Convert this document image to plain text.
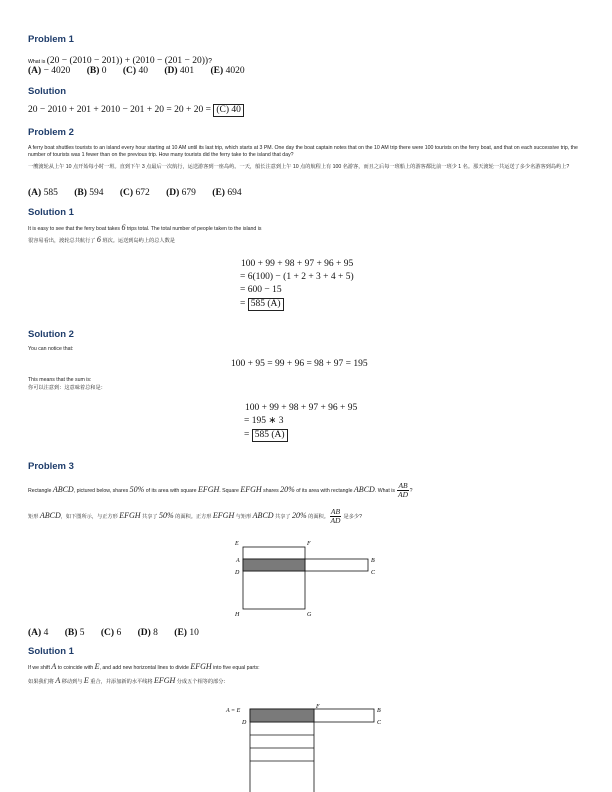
Problem 1
What is (20 − (2010 − 201)) + (2010 − (201 − 20))?
(A) − 4020 (B) 0 (C) 40 (D) 401 (E) 4020
Solution
20 − 2010 + 201 + 2010 − 201 + 20 = 20 + 20 = (C) 40
Problem 2
A ferry boat shuttles tourists to an island every hour starting at 10 AM until its last trip, which starts at 3 PM. One day the boat captain notes that on the 10 AM trip there were 100 tourists on the ferry boat, and that on each successive trip, the number of tourists was 1 fewer than on the previous trip. How many tourists did the ferry take to the island that day?
一艘渡轮从上午 10 点开始每小时一班。直到下午 3 点最后一次航行，运送游客到一座岛屿。一天，船长注意到上午 10 点的航程上有 100 名游客，而且之后每一班船上的游客都比前一班少 1 名。那天渡轮一共运送了多少名游客到岛屿上?
(A) 585 (B) 594 (C) 672 (D) 679 (E) 694
Solution 1
It is easy to see that the ferry boat takes 6 trips total. The total number of people taken to the island is
很容易看出，渡轮总共航行了 6 班次。运送到岛屿上的总人数是
100 + 99 + 98 + 97 + 96 + 95
= 6(100) − (1 + 2 + 3 + 4 + 5)
= 600 − 15
= 585 (A)
Solution 2
You can notice that:
100 + 95 = 99 + 96 = 98 + 97 = 195
This means that the sum is:
你可以注意到：这意味着总和是：
100 + 99 + 98 + 97 + 96 + 95
= 195 ∗ 3
= 585 (A)
Problem 3
Rectangle ABCD, pictured below, shares 50% of its area with square EFGH. Square EFGH shares 20% of its area with rectangle ABCD. What is $\frac{AB}{AD}$ ?
矩形 ABCD，如下图所示，与正方形 EFGH 共享了 50% 的面积。正方形 EFGH 与矩形 ABCD 共享了 20% 的面积。 $\frac{AB}{AD}$ 是多少?
E	F
A	B
D	C
H	G
(A) 4 (B) 5 (C) 6 (D) 8 (E) 10
Solution 1
If we shift A to coincide with E, and add new horizontal lines to divide EFGH into five equal parts:
如果我们将 A 移动到与 E 重合，并添加新的水平线将 EFGH 分成五个相等的部分：
A = E
F
B
D	C
